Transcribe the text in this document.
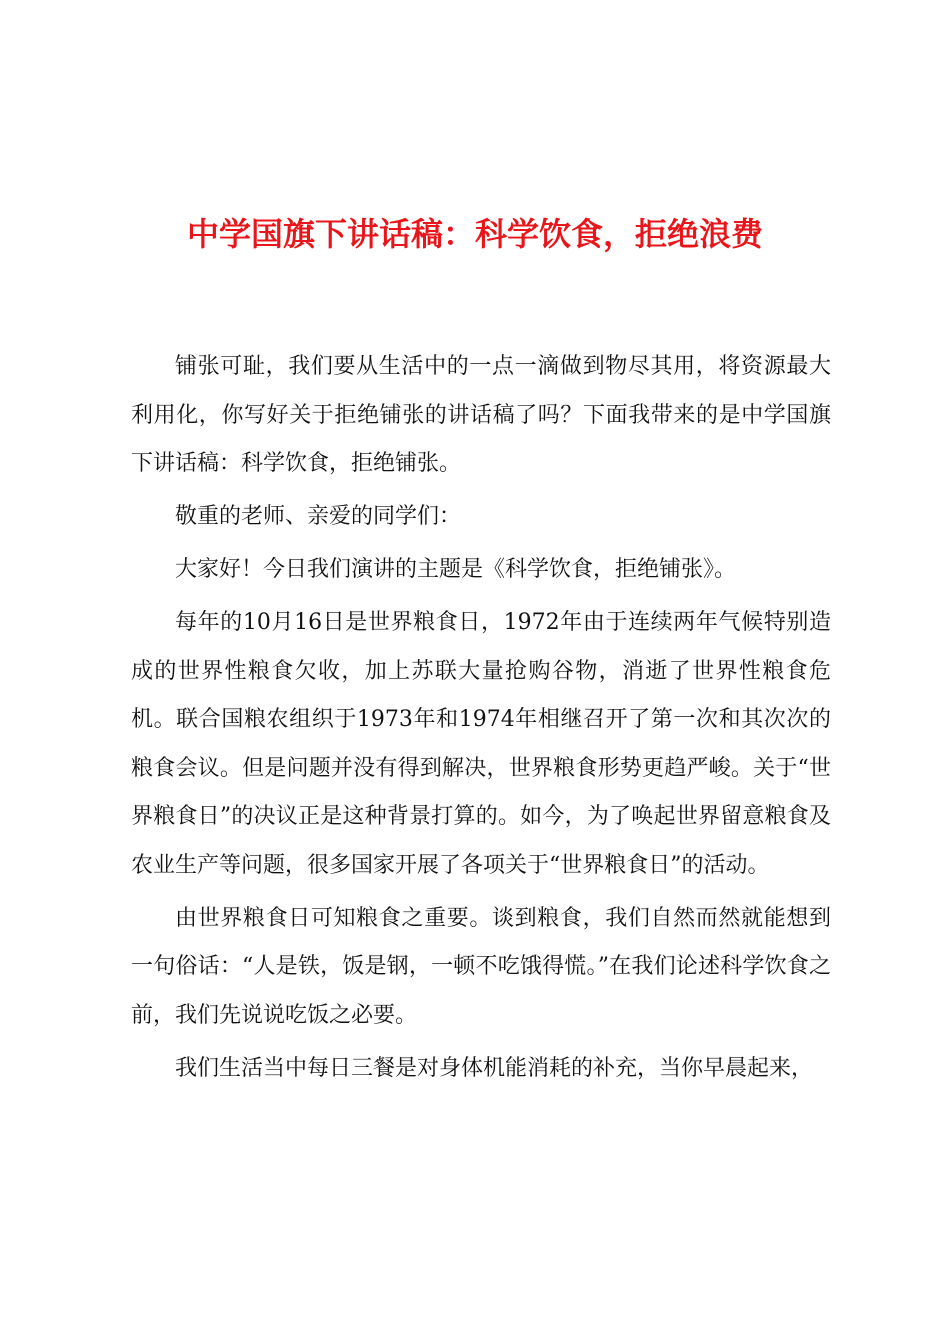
中学国旗下讲话稿：科学饮食，拒绝浪费

铺张可耻，我们要从生活中的一点一滴做到物尽其用，将资源最大利用化，你写好关于拒绝铺张的讲话稿了吗？下面我带来的是中学国旗下讲话稿：科学饮食，拒绝铺张。

敬重的老师、亲爱的同学们：

大家好！今日我们演讲的主题是《科学饮食，拒绝铺张》。

每年的10月16日是世界粮食日，1972年由于连续两年气候特别造成的世界性粮食欠收，加上苏联大量抢购谷物，消逝了世界性粮食危机。联合国粮农组织于1973年和1974年相继召开了第一次和其次次的粮食会议。但是问题并没有得到解决，世界粮食形势更趋严峻。关于“世界粮食日”的决议正是这种背景打算的。如今，为了唤起世界留意粮食及农业生产等问题，很多国家开展了各项关于“世界粮食日”的活动。

由世界粮食日可知粮食之重要。谈到粮食，我们自然而然就能想到一句俗话：“人是铁，饭是钢，一顿不吃饿得慌。”在我们论述科学饮食之前，我们先说说吃饭之必要。

我们生活当中每日三餐是对身体机能消耗的补充，当你早晨起来，
